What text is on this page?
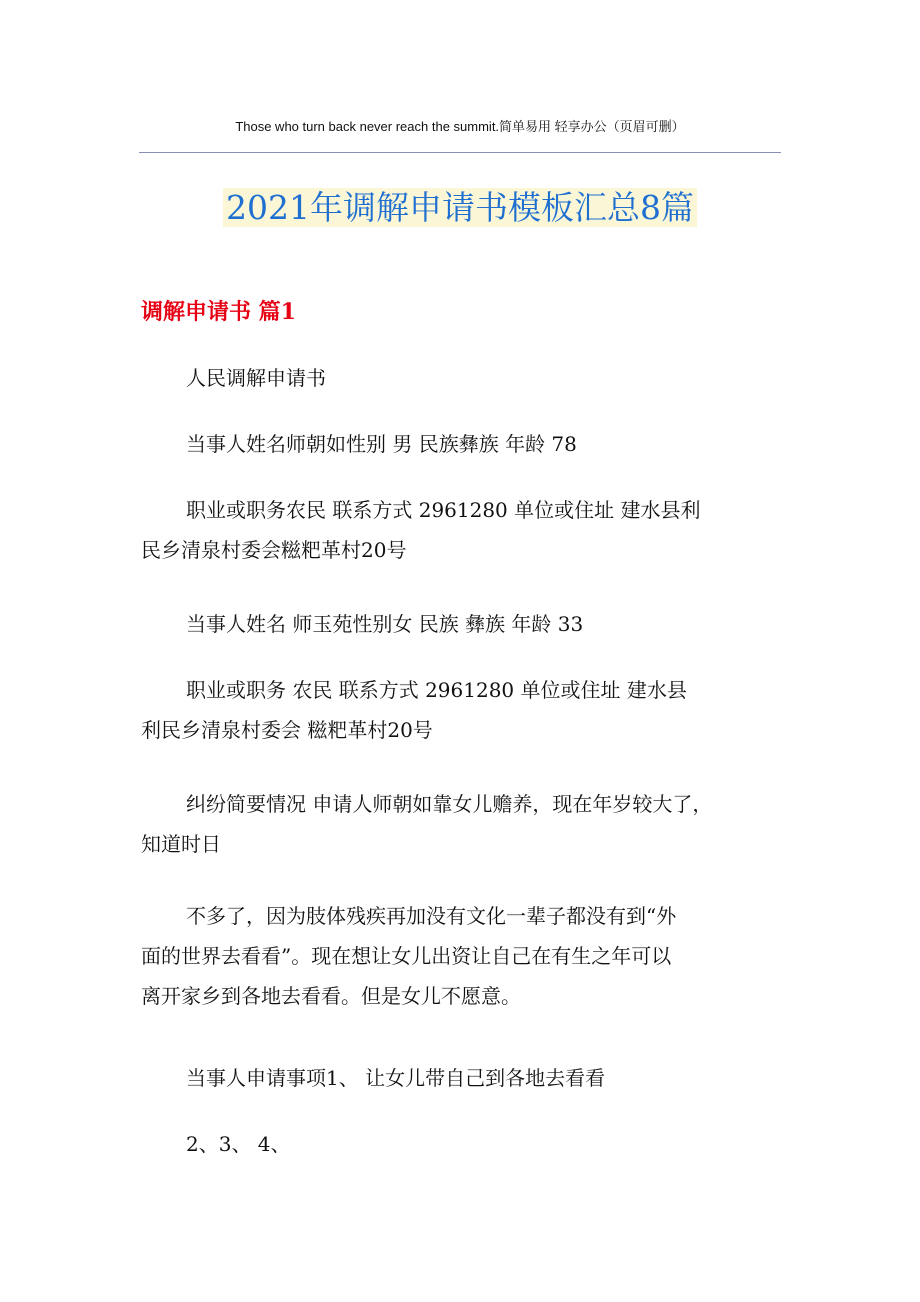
Those who turn back never reach the summit.简单易用 轻享办公（页眉可删）
2021年调解申请书模板汇总8篇
调解申请书 篇1
人民调解申请书
当事人姓名师朝如性别 男 民族彝族 年龄 78
职业或职务农民 联系方式 2961280 单位或住址 建水县利
民乡清泉村委会糍粑革村20号
当事人姓名 师玉苑性别女 民族 彝族 年龄 33
职业或职务 农民 联系方式 2961280 单位或住址 建水县
利民乡清泉村委会 糍粑革村20号
纠纷简要情况 申请人师朝如靠女儿赡养，现在年岁较大了，
知道时日
不多了，因为肢体残疾再加没有文化一辈子都没有到“外
面的世界去看看”。现在想让女儿出资让自己在有生之年可以
离开家乡到各地去看看。但是女儿不愿意。
当事人申请事项1、 让女儿带自己到各地去看看
2、3、 4、
